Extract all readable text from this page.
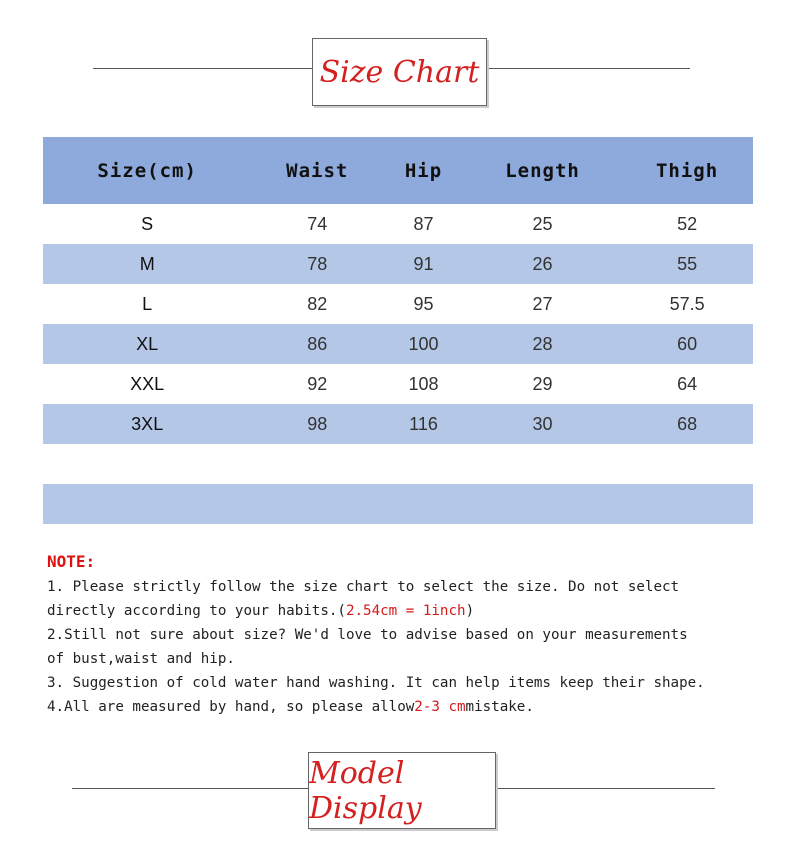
Size Chart
Size(cm)	Waist	Hip	Length	Thigh
S	74	87	25	52
M	78	91	26	55
L	82	95	27	57.5
XL	86	100	28	60
XXL	92	108	29	64
3XL	98	116	30	68

NOTE:
1. Please strictly follow the size chart to select the size. Do not select
directly according to your habits.(2.54cm = 1inch)
2.Still not sure about size? We'd love to advise based on your measurements
of bust,waist and hip.
3. Suggestion of cold water hand washing. It can help items keep their shape.
4.All are measured by hand, so please allow2-3 cmmistake.
Model Display
